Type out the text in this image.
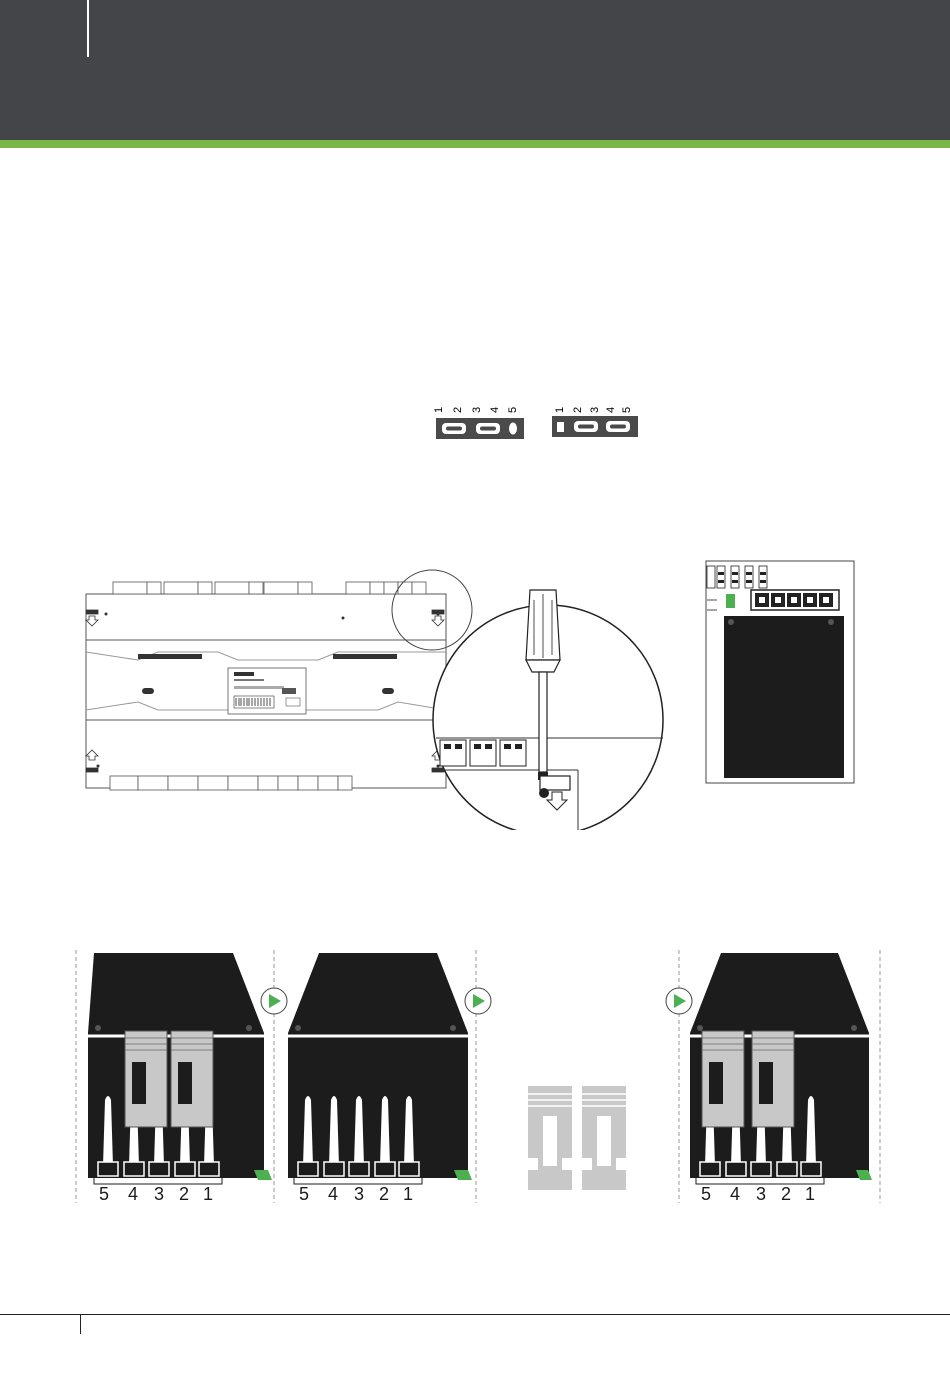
1 2 3 4 5	1 2 3 4 5
5 4 3 2 1	5 4 3 2 1	5 4 3 2 1
